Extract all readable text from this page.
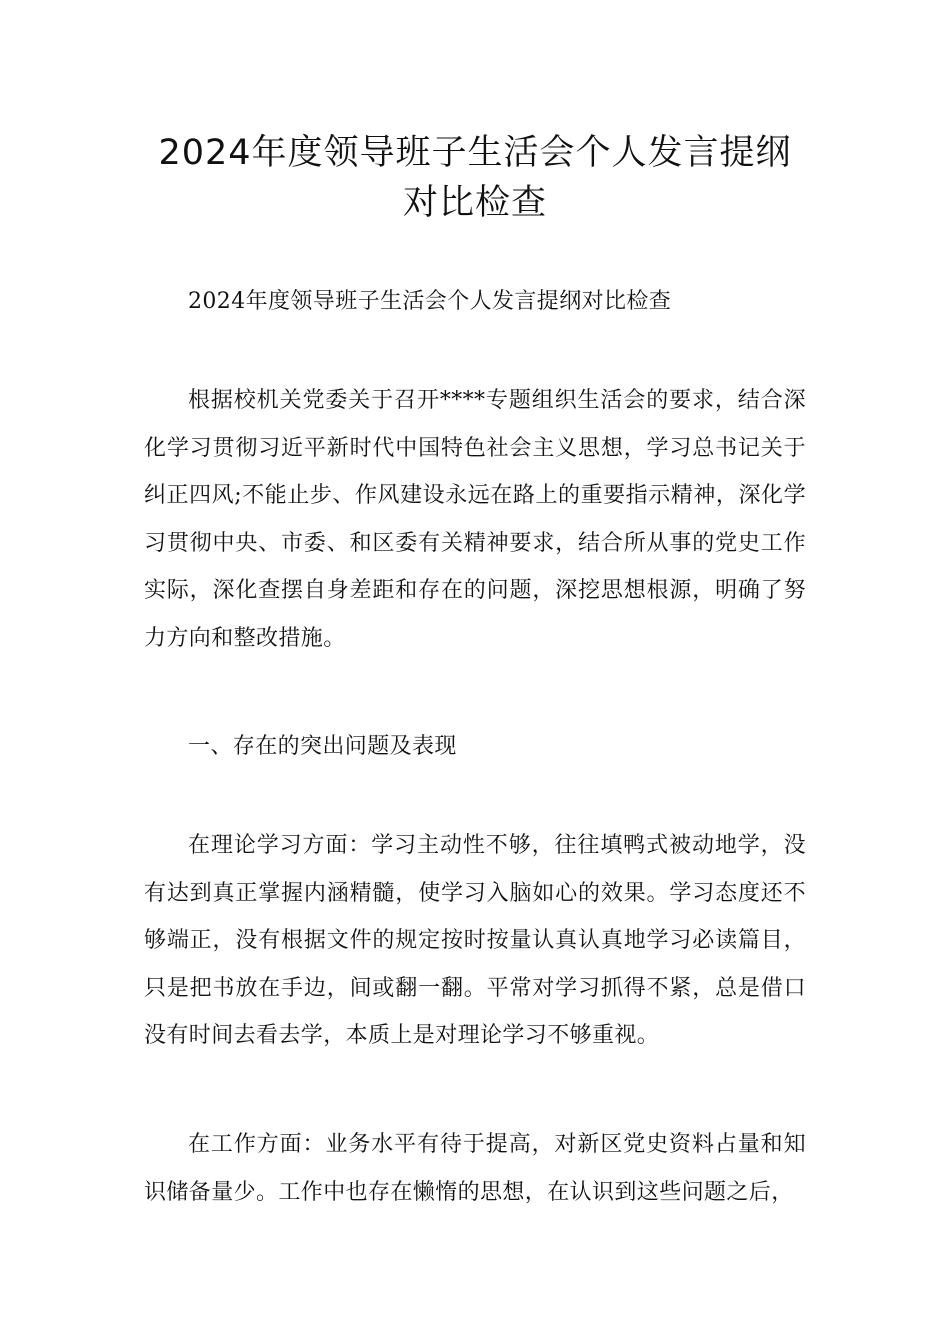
2024年度领导班子生活会个人发言提纲
对比检查

2024年度领导班子生活会个人发言提纲对比检查

根据校机关党委关于召开****专题组织生活会的要求，结合深化学习贯彻习近平新时代中国特色社会主义思想，学习总书记关于纠正四风;不能止步、作风建设永远在路上的重要指示精神，深化学习贯彻中央、市委、和区委有关精神要求，结合所从事的党史工作实际，深化查摆自身差距和存在的问题，深挖思想根源，明确了努力方向和整改措施。

一、存在的突出问题及表现

在理论学习方面：学习主动性不够，往往填鸭式被动地学，没有达到真正掌握内涵精髓，使学习入脑如心的效果。学习态度还不够端正，没有根据文件的规定按时按量认真认真地学习必读篇目，只是把书放在手边，间或翻一翻。平常对学习抓得不紧，总是借口没有时间去看去学，本质上是对理论学习不够重视。

在工作方面：业务水平有待于提高，对新区党史资料占量和知识储备量少。工作中也存在懒惰的思想，在认识到这些问题之后，
